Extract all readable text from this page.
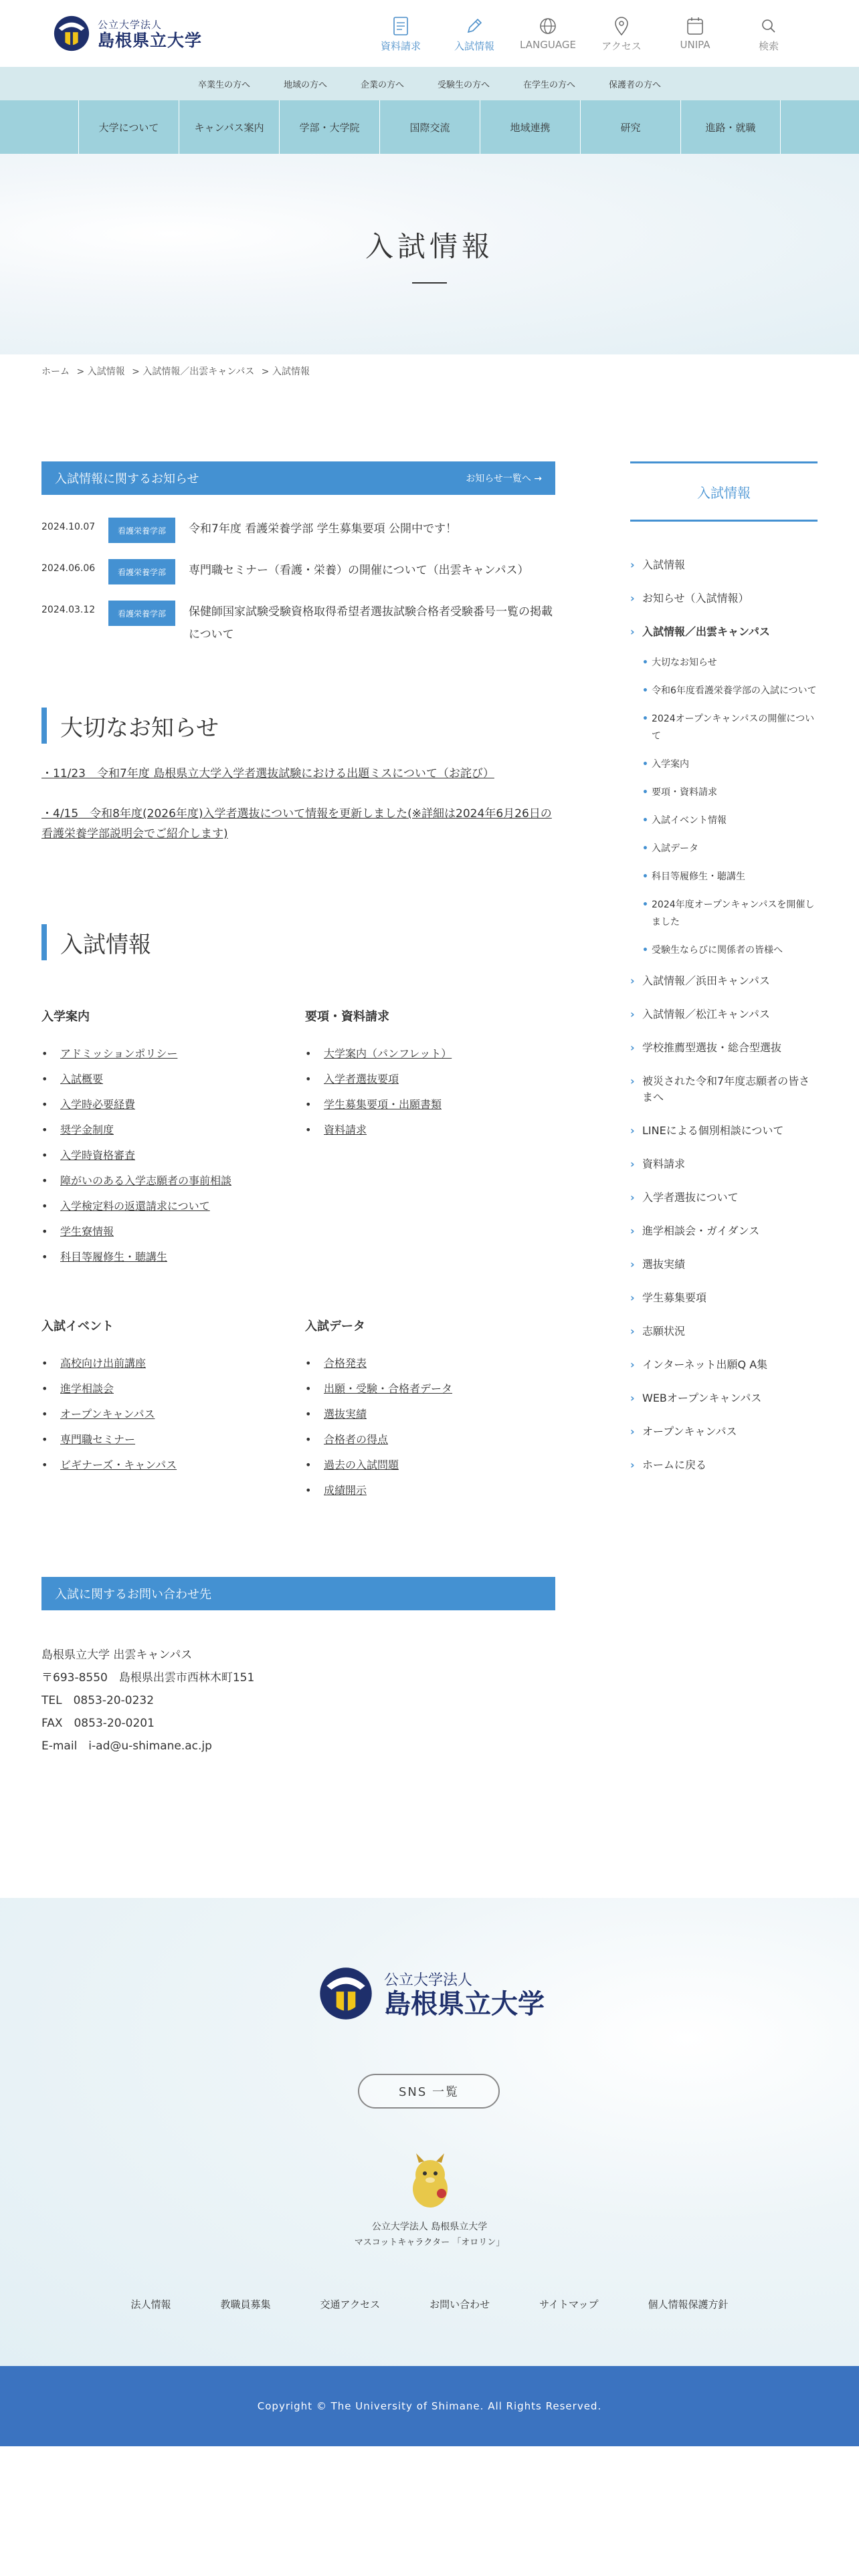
公立大学法人
島根県立大学	資料請求	入試情報	LANGUAGE	アクセス	UNIPA	検索
卒業生の方へ	地域の方へ	企業の方へ	受験生の方へ	在学生の方へ	保護者の方へ
大学について	キャンパス案内	学部・大学院	国際交流	地域連携	研究	進路・就職
入試情報
ホーム > 入試情報 > 入試情報／出雲キャンパス > 入試情報
入試情報に関するお知らせ	お知らせ一覧へ →
2024.10.07	看護栄養学部	令和7年度 看護栄養学部 学生募集要項 公開中です！
2024.06.06	看護栄養学部	専門職セミナー（看護・栄養）の開催について（出雲キャンパス）
2024.03.12	看護栄養学部	保健師国家試験受験資格取得希望者選抜試験合格者受験番号一覧の掲載について
大切なお知らせ
・11/23　令和7年度 島根県立大学入学者選抜試験における出題ミスについて（お詫び）
・4/15　令和8年度(2026年度)入学者選抜について情報を更新しました(※詳細は2024年6月26日の看護栄養学部説明会でご紹介します)
入試情報
入学案内
• アドミッションポリシー
• 入試概要
• 入学時必要経費
• 奨学金制度
• 入学時資格審査
• 障がいのある入学志願者の事前相談
• 入学検定料の返還請求について
• 学生寮情報
• 科目等履修生・聴講生
要項・資料請求
• 大学案内（パンフレット）
• 入学者選抜要項
• 学生募集要項・出願書類
• 資料請求
入試イベント
• 高校向け出前講座
• 進学相談会
• オープンキャンパス
• 専門職セミナー
• ビギナーズ・キャンパス
入試データ
• 合格発表
• 出願・受験・合格者データ
• 選抜実績
• 合格者の得点
• 過去の入試問題
• 成績開示
入試に関するお問い合わせ先
島根県立大学 出雲キャンパス
〒693-8550　島根県出雲市西林木町151
TEL　0853-20-0232
FAX　0853-20-0201
E-mail　i-ad@u-shimane.ac.jp
入試情報
› 入試情報
› お知らせ（入試情報）
› 入試情報／出雲キャンパス
• 大切なお知らせ
• 令和6年度看護栄養学部の入試について
• 2024オープンキャンパスの開催について
• 入学案内
• 要項・資料請求
• 入試イベント情報
• 入試データ
• 科目等履修生・聴講生
• 2024年度オープンキャンパスを開催しました
• 受験生ならびに関係者の皆様へ
› 入試情報／浜田キャンパス
› 入試情報／松江キャンパス
› 学校推薦型選抜・総合型選抜
› 被災された令和7年度志願者の皆さまへ
› LINEによる個別相談について
› 資料請求
› 入学者選抜について
› 進学相談会・ガイダンス
› 選抜実績
› 学生募集要項
› 志願状況
› インターネット出願Q A集
› WEBオープンキャンパス
› オープンキャンパス
› ホームに戻る
公立大学法人
島根県立大学
SNS 一覧
公立大学法人 島根県立大学
マスコットキャラクター 「オロリン」
法人情報	教職員募集	交通アクセス	お問い合わせ	サイトマップ	個人情報保護方針
Copyright © The University of Shimane. All Rights Reserved.
